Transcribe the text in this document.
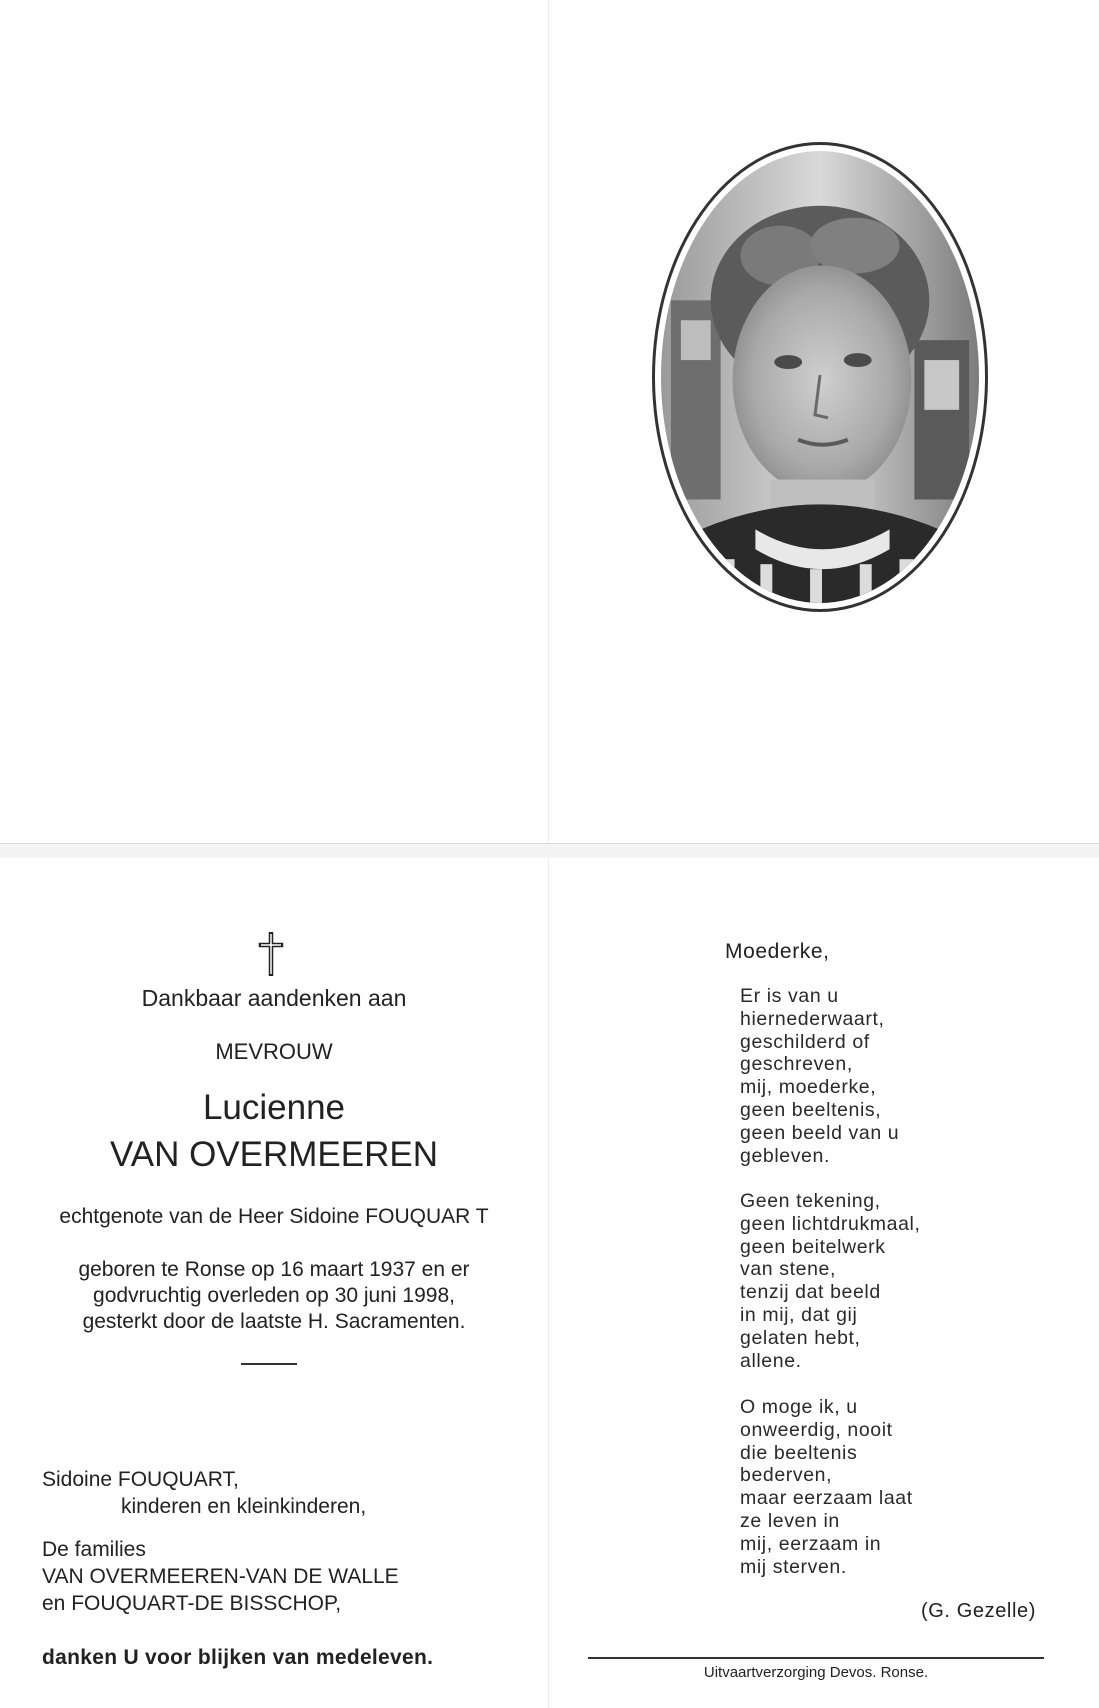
Dankbaar aandenken aan
MEVROUW
Lucienne
VAN OVERMEEREN
echtgenote van de Heer Sidoine FOUQUAR T
geboren te Ronse op 16 maart 1937 en er
godvruchtig overleden op 30 juni 1998,
gesterkt door de laatste H. Sacramenten.
Sidoine FOUQUART,
kinderen en kleinkinderen,
De families
VAN OVERMEEREN-VAN DE WALLE
en FOUQUART-DE BISSCHOP,
danken U voor blijken van medeleven.
Moederke,
Er is van u
hiernederwaart,
geschilderd of
geschreven,
mij, moederke,
geen beeltenis,
geen beeld van u
gebleven.
Geen tekening,
geen lichtdrukmaal,
geen beitelwerk
van stene,
tenzij dat beeld
in mij, dat gij
gelaten hebt,
allene.
O moge ik, u
onweerdig, nooit
die beeltenis
bederven,
maar eerzaam laat
ze leven in
mij, eerzaam in
mij sterven.
(G. Gezelle)
Uitvaartverzorging Devos. Ronse.
